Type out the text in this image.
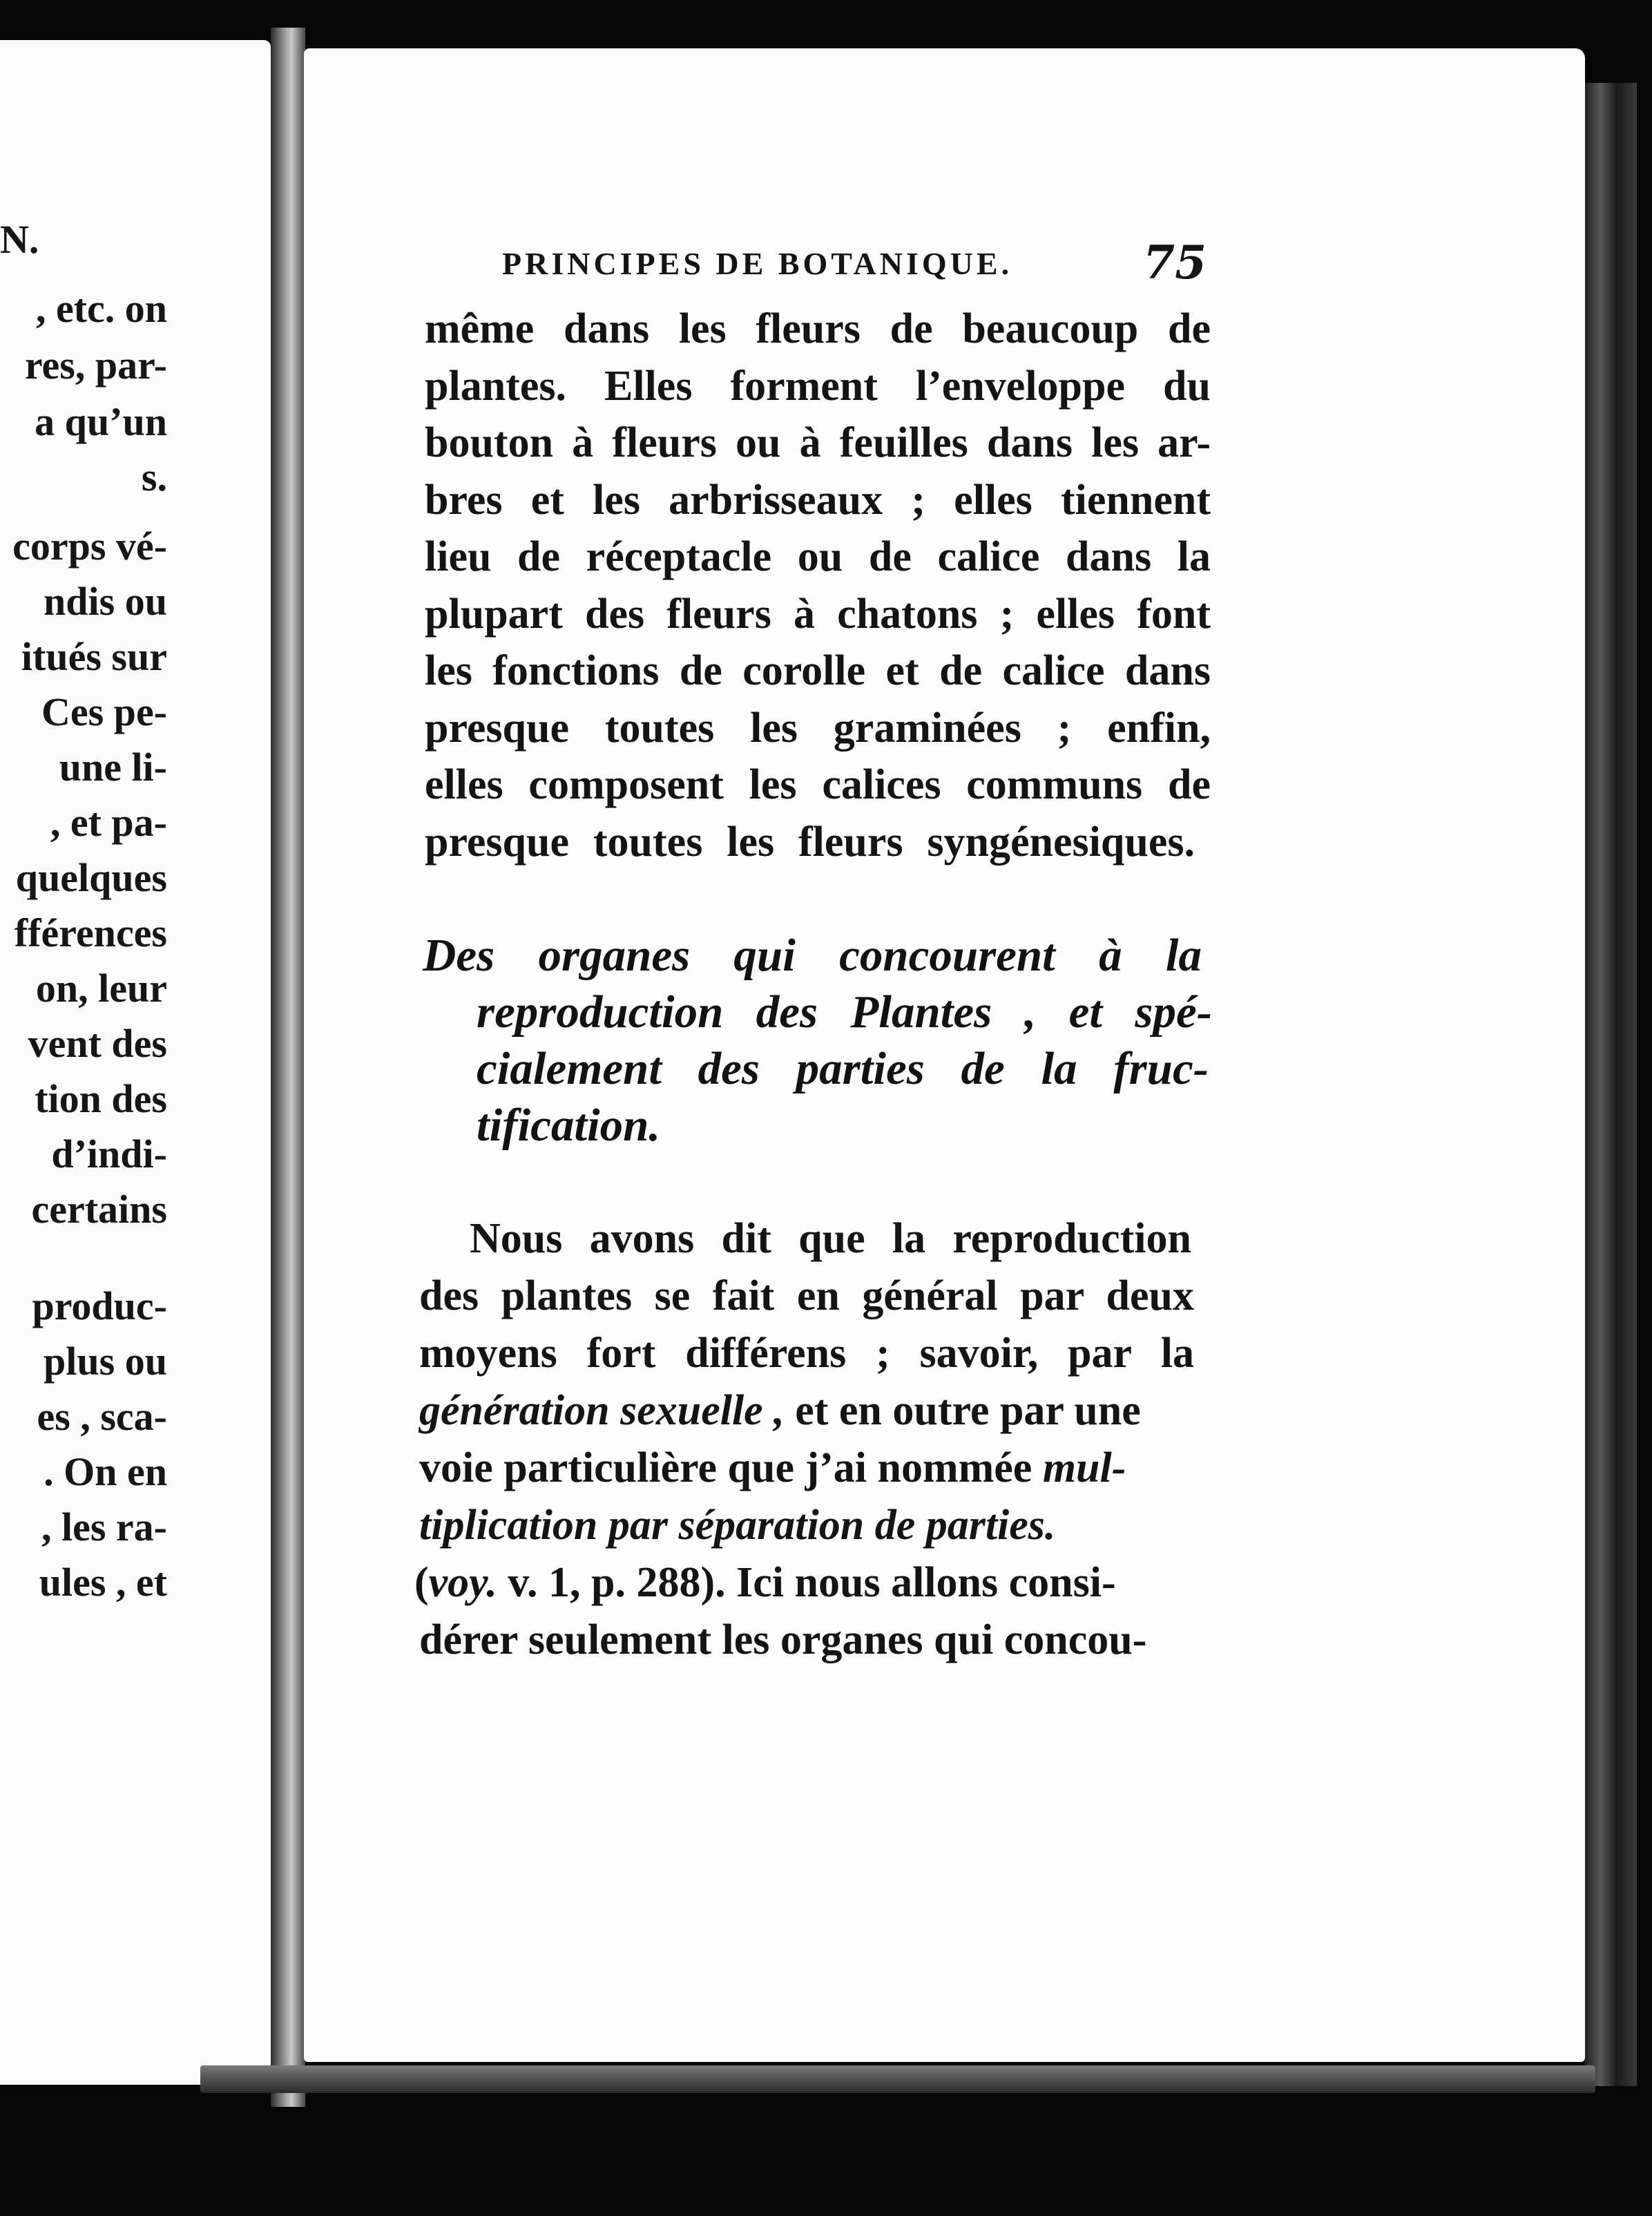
N.
, etc. on
res, par-
a qu’un
s.
corps vé-
ndis ou
itués sur
Ces pe-
une li-
, et pa-
quelques
fférences
on, leur
vent des
tion des
d’indi-
certains
produc-
plus ou
es , sca-
. On en
, les ra-
ules , et
PRINCIPES DE BOTANIQUE.	75
même dans les fleurs de beaucoup de
plantes. Elles forment l’enveloppe du
bouton à fleurs ou à feuilles dans les ar-
bres et les arbrisseaux ; elles tiennent
lieu de réceptacle ou de calice dans la
plupart des fleurs à chatons ; elles font
les fonctions de corolle et de calice dans
presque toutes les graminées ; enfin,
elles composent les calices communs de
presque toutes les fleurs syngénesiques.
Des organes qui concourent à la
reproduction des Plantes , et spé-
cialement des parties de la fruc-
tification.
Nous avons dit que la reproduction
des plantes se fait en général par deux
moyens fort différens ; savoir, par la
génération sexuelle , et en outre par une
voie particulière que j’ai nommée mul-
tiplication par séparation de parties.
(voy. v. 1, p. 288). Ici nous allons consi-
dérer seulement les organes qui concou-
